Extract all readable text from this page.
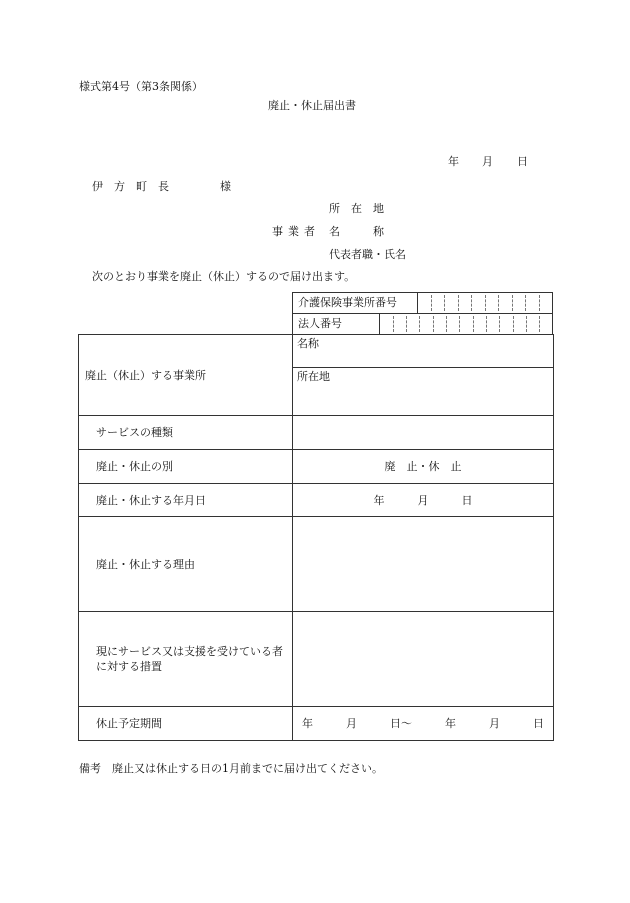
様式第4号（第3条関係）
廃止・休止届出書
年 月 日
伊　方　町　長	様
所　在　地
事業者 名　　　称
代表者職・氏名
次のとおり事業を廃止（休止）するので届け出ます。
介護保険事業所番号
法人番号
廃止（休止）する事業所	名称
所在地

サービスの種類	
廃止・休止の別	廃　止・休　止
廃止・休止する年月日	年　　　月　　　日
廃止・休止する理由	
現にサービス又は支援を受けている者に対する措置	
休止予定期間	年　　　月　　　日～　　　年　　　月　　　日
備考　廃止又は休止する日の1月前までに届け出てください。
